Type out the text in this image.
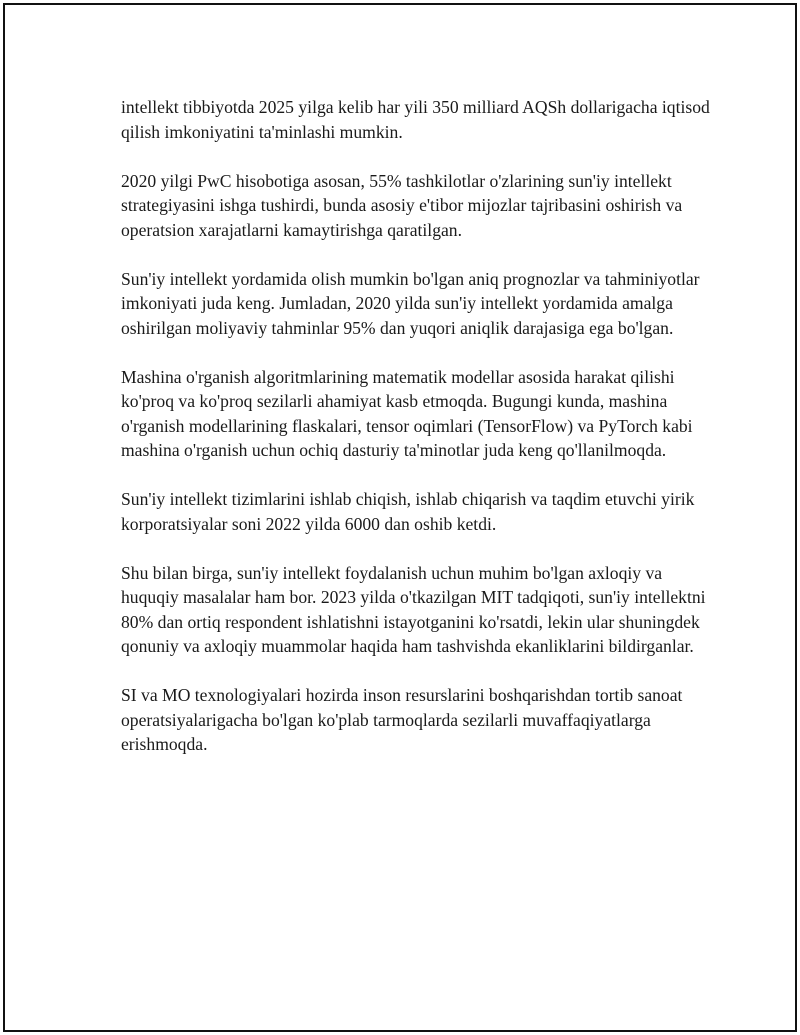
intellekt tibbiyotda 2025 yilga kelib har yili 350 milliard AQSh dollarigacha iqtisod qilish imkoniyatini ta'minlashi mumkin.

2020 yilgi PwC hisobotiga asosan, 55% tashkilotlar o'zlarining sun'iy intellekt strategiyasini ishga tushirdi, bunda asosiy e'tibor mijozlar tajribasini oshirish va operatsion xarajatlarni kamaytirishga qaratilgan.

Sun'iy intellekt yordamida olish mumkin bo'lgan aniq prognozlar va tahminiyotlar imkoniyati juda keng. Jumladan, 2020 yilda sun'iy intellekt yordamida amalga oshirilgan moliyaviy tahminlar 95% dan yuqori aniqlik darajasiga ega bo'lgan.

Mashina o'rganish algoritmlarining matematik modellar asosida harakat qilishi ko'proq va ko'proq sezilarli ahamiyat kasb etmoqda. Bugungi kunda, mashina o'rganish modellarining flaskalari, tensor oqimlari (TensorFlow) va PyTorch kabi mashina o'rganish uchun ochiq dasturiy ta'minotlar juda keng qo'llanilmoqda.

Sun'iy intellekt tizimlarini ishlab chiqish, ishlab chiqarish va taqdim etuvchi yirik korporatsiyalar soni 2022 yilda 6000 dan oshib ketdi.

Shu bilan birga, sun'iy intellekt foydalanish uchun muhim bo'lgan axloqiy va huquqiy masalalar ham bor. 2023 yilda o'tkazilgan MIT tadqiqoti, sun'iy intellektni 80% dan ortiq respondent ishlatishni istayotganini ko'rsatdi, lekin ular shuningdek qonuniy va axloqiy muammolar haqida ham tashvishda ekanliklarini bildirganlar.

SI va MO texnologiyalari hozirda inson resurslarini boshqarishdan tortib sanoat operatsiyalarigacha bo'lgan ko'plab tarmoqlarda sezilarli muvaffaqiyatlarga erishmoqda.
